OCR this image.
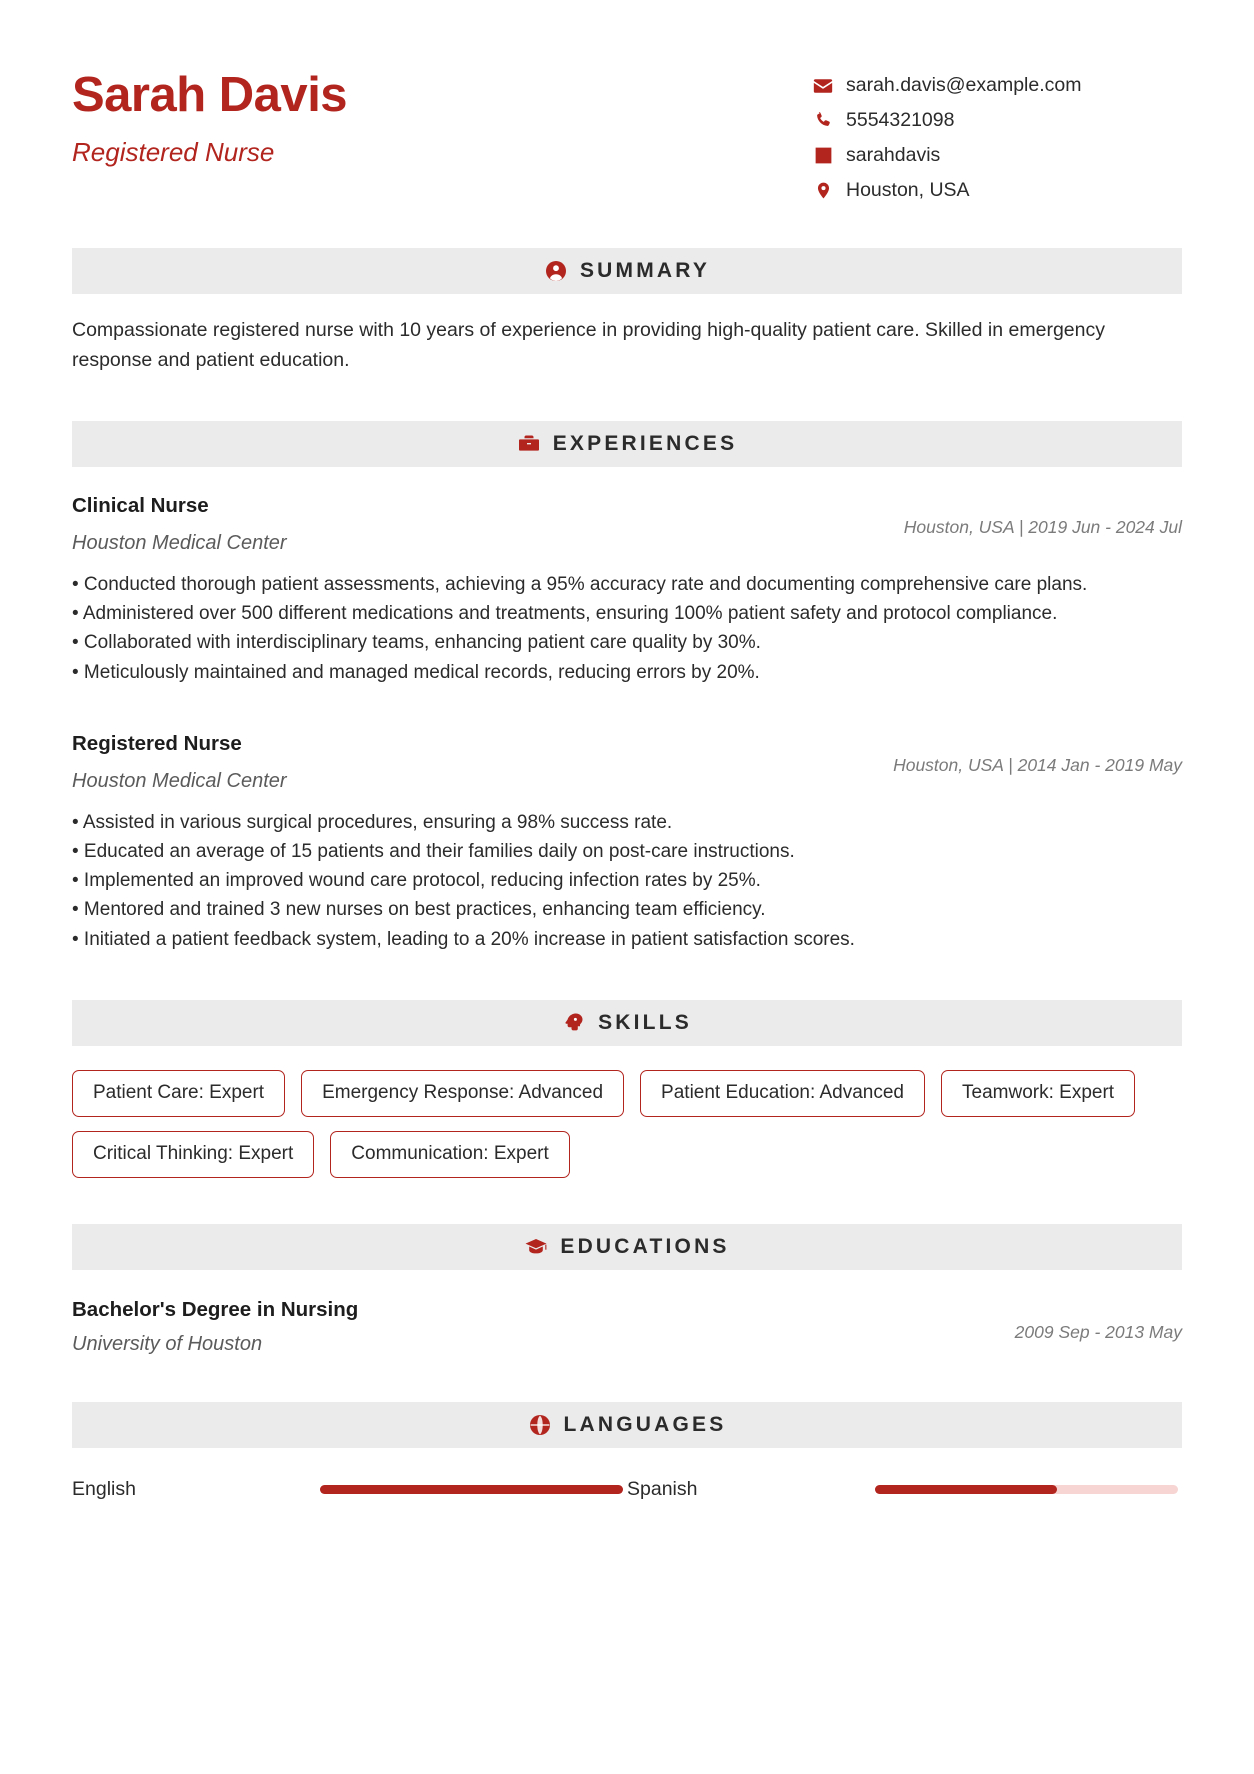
Sarah Davis
Registered Nurse
sarah.davis@example.com
5554321098
sarahdavis
Houston, USA
SUMMARY

Compassionate registered nurse with 10 years of experience in providing high-quality patient care. Skilled in emergency response and patient education.

EXPERIENCES
Clinical Nurse
Houston Medical Center
Houston, USA | 2019 Jun - 2024 Jul
• Conducted thorough patient assessments, achieving a 95% accuracy rate and documenting comprehensive care plans.
• Administered over 500 different medications and treatments, ensuring 100% patient safety and protocol compliance.
• Collaborated with interdisciplinary teams, enhancing patient care quality by 30%.
• Meticulously maintained and managed medical records, reducing errors by 20%.
Registered Nurse
Houston Medical Center
Houston, USA | 2014 Jan - 2019 May
• Assisted in various surgical procedures, ensuring a 98% success rate.
• Educated an average of 15 patients and their families daily on post-care instructions.
• Implemented an improved wound care protocol, reducing infection rates by 25%.
• Mentored and trained 3 new nurses on best practices, enhancing team efficiency.
• Initiated a patient feedback system, leading to a 20% increase in patient satisfaction scores.
SKILLS
Patient Care: Expert	Emergency Response: Advanced	Patient Education: Advanced	Teamwork: Expert
Critical Thinking: Expert	Communication: Expert
EDUCATIONS
Bachelor's Degree in Nursing
University of Houston
2009 Sep - 2013 May
LANGUAGES
English	Spanish
